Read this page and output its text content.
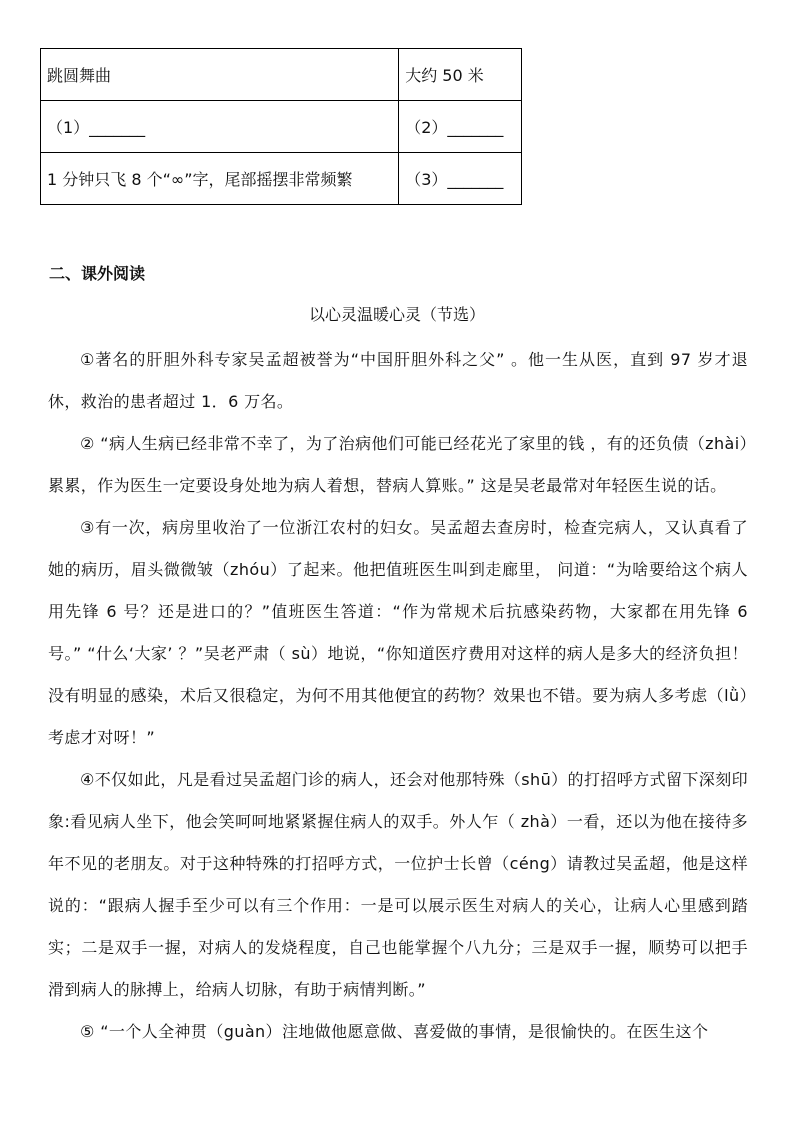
跳圆舞曲	大约 50 米
（1）_______	（2）_______
1 分钟只飞 8 个“∞”字，尾部摇摆非常频繁	（3）_______
二、课外阅读
以心灵温暖心灵（节选）

①著名的肝胆外科专家吴孟超被誉为“中国肝胆外科之父” 。他一生从医，直到 97 岁才退休，救治的患者超过 1．6 万名。

② “病人生病已经非常不幸了，为了治病他们可能已经花光了家里的钱 ，有的还负债（zhài）累累，作为医生一定要设身处地为病人着想，替病人算账。” 这是吴老最常对年轻医生说的话。

③有一次，病房里收治了一位浙江农村的妇女。吴孟超去查房时，检查完病人，又认真看了她的病历，眉头微微皱（zhóu）了起来。他把值班医生叫到走廊里， 问道：“为啥要给这个病人用先锋 6 号？还是进口的？”值班医生答道：“作为常规术后抗感染药物，大家都在用先锋 6 号。” “什么‘大家’ ？”吴老严肃（ sù）地说，“你知道医疗费用对这样的病人是多大的经济负担！没有明显的感染，术后又很稳定，为何不用其他便宜的药物？效果也不错。要为病人多考虑（lǜ）考虑才对呀！”

④不仅如此，凡是看过吴孟超门诊的病人，还会对他那特殊（shū）的打招呼方式留下深刻印象:看见病人坐下，他会笑呵呵地紧紧握住病人的双手。外人乍（ zhà）一看，还以为他在接待多年不见的老朋友。对于这种特殊的打招呼方式，一位护士长曾（céng）请教过吴孟超，他是这样说的：“跟病人握手至少可以有三个作用：一是可以展示医生对病人的关心，让病人心里感到踏实；二是双手一握，对病人的发烧程度，自己也能掌握个八九分；三是双手一握，顺势可以把手滑到病人的脉搏上，给病人切脉，有助于病情判断。”

⑤ “一个人全神贯（guàn）注地做他愿意做、喜爱做的事情，是很愉快的。在医生这个
